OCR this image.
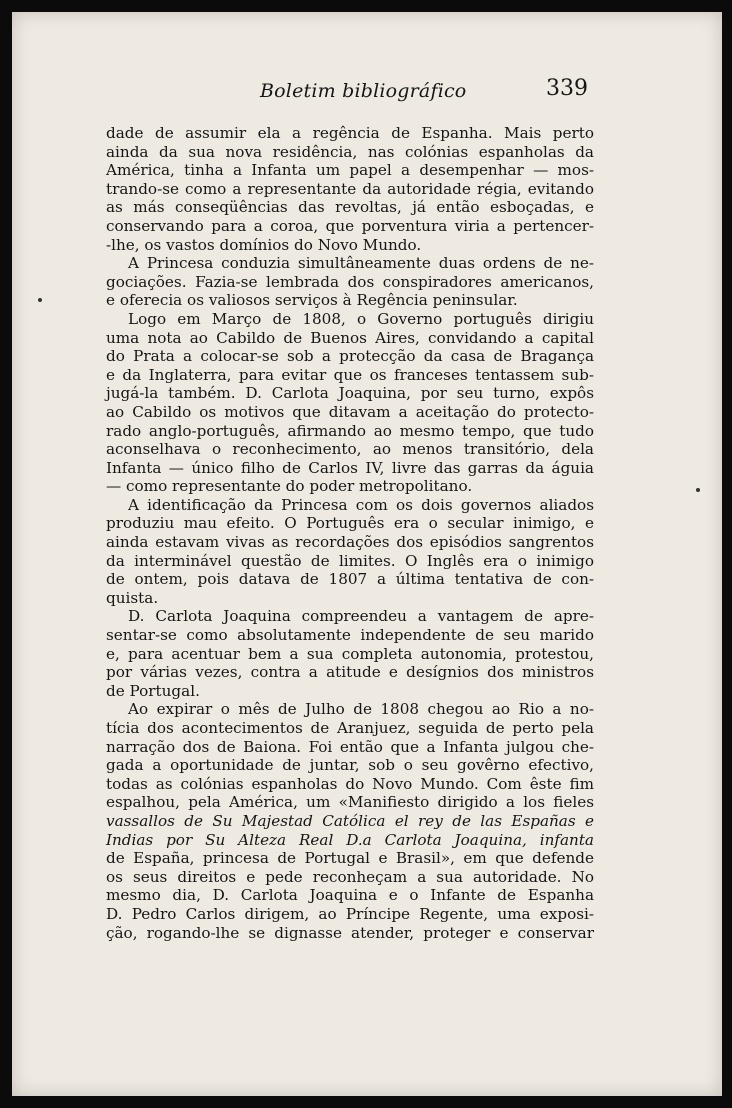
Boletim bibliográfico	339
dade de assumir ela a regência de Espanha. Mais perto
ainda da sua nova residência, nas colónias espanholas da
América, tinha a Infanta um papel a desempenhar — mos-
trando-se como a representante da autoridade régia, evitando
as más conseqüências das revoltas, já então esboçadas, e
conservando para a coroa, que porventura viria a pertencer-
-lhe, os vastos domínios do Novo Mundo.
A Princesa conduzia simultâneamente duas ordens de ne-
gociações. Fazia-se lembrada dos conspiradores americanos,
e oferecia os valiosos serviços à Regência peninsular.
Logo em Março de 1808, o Governo português dirigiu
uma nota ao Cabildo de Buenos Aires, convidando a capital
do Prata a colocar-se sob a protecção da casa de Bragança
e da Inglaterra, para evitar que os franceses tentassem sub-
jugá-la também. D. Carlota Joaquina, por seu turno, expôs
ao Cabildo os motivos que ditavam a aceitação do protecto-
rado anglo-português, afirmando ao mesmo tempo, que tudo
aconselhava o reconhecimento, ao menos transitório, dela
Infanta — único filho de Carlos IV, livre das garras da águia
— como representante do poder metropolitano.
A identificação da Princesa com os dois governos aliados
produziu mau efeito. O Português era o secular inimigo, e
ainda estavam vivas as recordações dos episódios sangrentos
da interminável questão de limites. O Inglês era o inimigo
de ontem, pois datava de 1807 a última tentativa de con-
quista.
D. Carlota Joaquina compreendeu a vantagem de apre-
sentar-se como absolutamente independente de seu marido
e, para acentuar bem a sua completa autonomia, protestou,
por várias vezes, contra a atitude e desígnios dos ministros
de Portugal.
Ao expirar o mês de Julho de 1808 chegou ao Rio a no-
tícia dos acontecimentos de Aranjuez, seguida de perto pela
narração dos de Baiona. Foi então que a Infanta julgou che-
gada a oportunidade de juntar, sob o seu govêrno efectivo,
todas as colónias espanholas do Novo Mundo. Com êste fim
espalhou, pela América, um «Manifiesto dirigido a los fieles
vassallos de Su Majestad Católica el rey de las Españas e
Indias por Su Alteza Real D.a Carlota Joaquina, infanta
de España, princesa de Portugal e Brasil», em que defende
os seus direitos e pede reconheçam a sua autoridade. No
mesmo dia, D. Carlota Joaquina e o Infante de Espanha
D. Pedro Carlos dirigem, ao Príncipe Regente, uma exposi-
ção, rogando-lhe se dignasse atender, proteger e conservar
